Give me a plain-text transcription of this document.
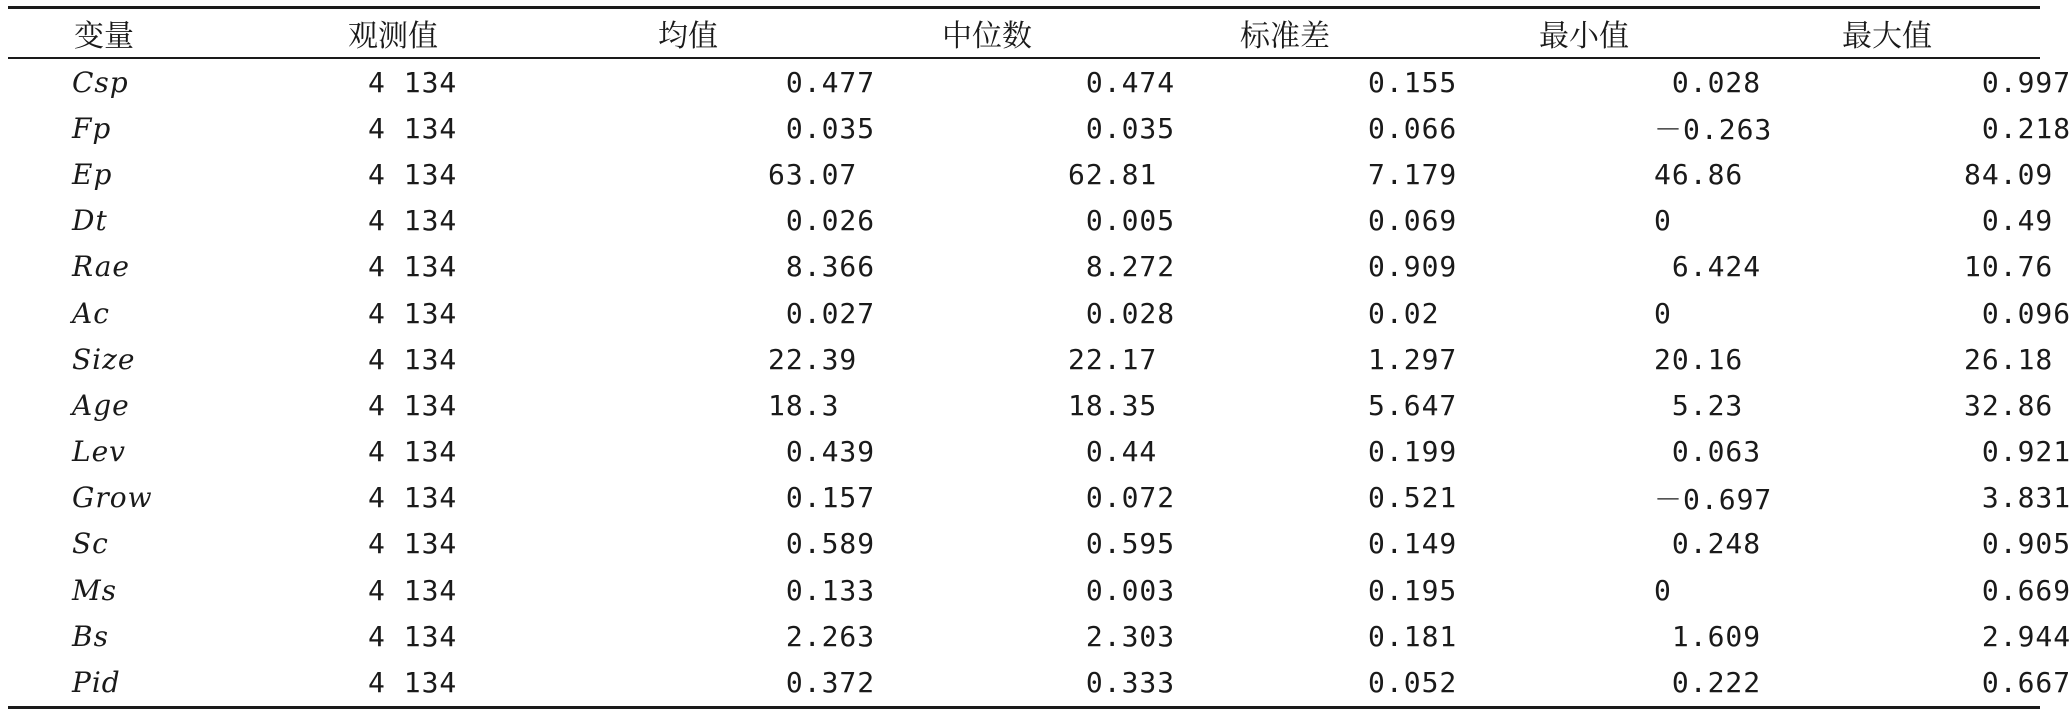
变量	观测值	均值	中位数	标准差	最小值	最大值
Csp	4 134	0.477	0.474	0.155	0.028	0.997
Fp	4 134	0.035	0.035	0.066	－0.263	0.218
Ep	4 134	63.07	62.81	7.179	46.86	84.09
Dt	4 134	0.026	0.005	0.069	0	0.49
Rae	4 134	8.366	8.272	0.909	6.424	10.76
Ac	4 134	0.027	0.028	0.02	0	0.096
Size	4 134	22.39	22.17	1.297	20.16	26.18
Age	4 134	18.3	18.35	5.647	5.23	32.86
Lev	4 134	0.439	0.44	0.199	0.063	0.921
Grow	4 134	0.157	0.072	0.521	－0.697	3.831
Sc	4 134	0.589	0.595	0.149	0.248	0.905
Ms	4 134	0.133	0.003	0.195	0	0.669
Bs	4 134	2.263	2.303	0.181	1.609	2.944
Pid	4 134	0.372	0.333	0.052	0.222	0.667
